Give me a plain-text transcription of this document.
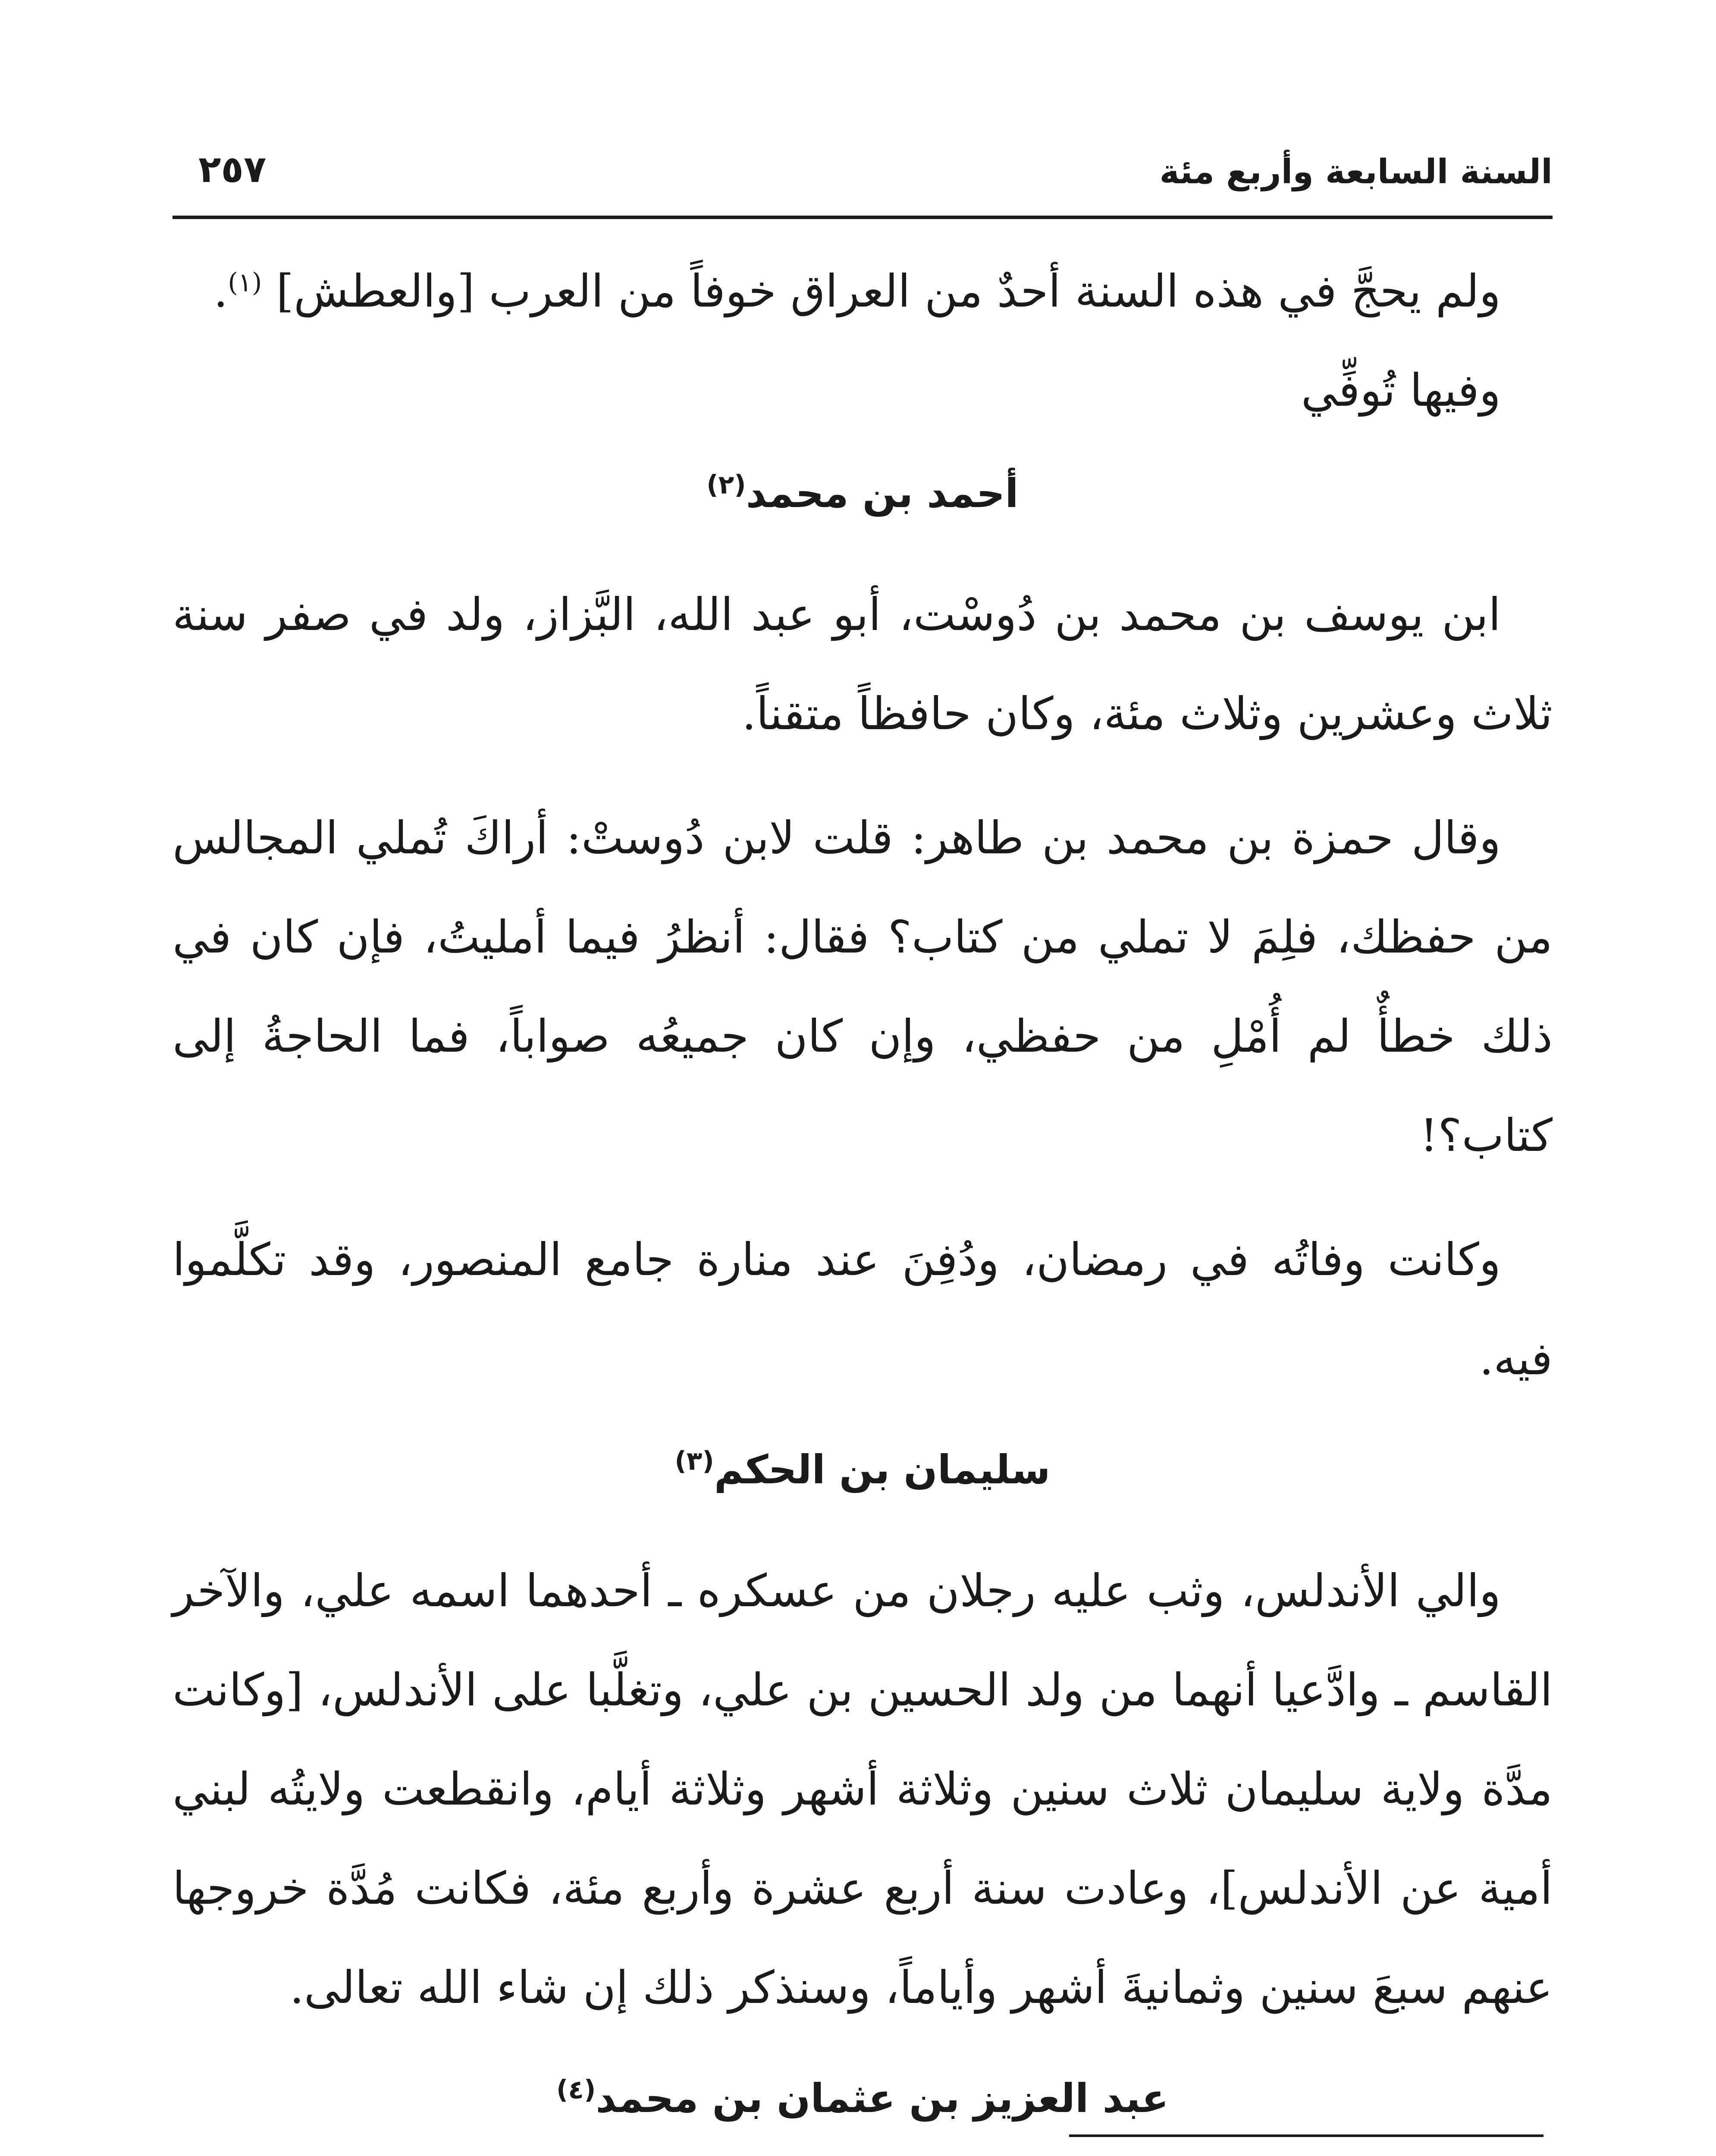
السنة السابعة وأربع مئة
٢٥٧

ولم يحجَّ في هذه السنة أحدٌ من العراق خوفاً من العرب [والعطش] $^{(١)}$.

وفيها تُوفِّي

أحمد بن محمد$^{(٢)}$

ابن يوسف بن محمد بن دُوسْت، أبو عبد الله، البَّزاز، ولد في صفر سنة ثلاث وعشرين وثلاث مئة، وكان حافظاً متقناً.

وقال حمزة بن محمد بن طاهر: قلت لابن دُوستْ: أراكَ تُملي المجالس من حفظك، فلِمَ لا تملي من كتاب؟ فقال: أنظرُ فيما أمليتُ، فإن كان في ذلك خطأٌ لم أُمْلِ من حفظي، وإن كان جميعُه صواباً، فما الحاجةُ إلى كتاب؟!

وكانت وفاتُه في رمضان، ودُفِنَ عند منارة جامع المنصور، وقد تكلَّموا فيه.

سليمان بن الحكم$^{(٣)}$

والي الأندلس، وثب عليه رجلان من عسكره ـ أحدهما اسمه علي، والآخر القاسم ـ وادَّعيا أنهما من ولد الحسين بن علي، وتغلَّبا على الأندلس، [وكانت مدَّة ولاية سليمان ثلاث سنين وثلاثة أشهر وثلاثة أيام، وانقطعت ولايتُه لبني أمية عن الأندلس]، وعادت سنة أربع عشرة وأربع مئة، فكانت مُدَّة خروجها عنهم سبعَ سنين وثمانيةَ أشهر وأياماً، وسنذكر ذلك إن شاء الله تعالى.

عبد العزيز بن عثمان بن محمد$^{(٤)}$
